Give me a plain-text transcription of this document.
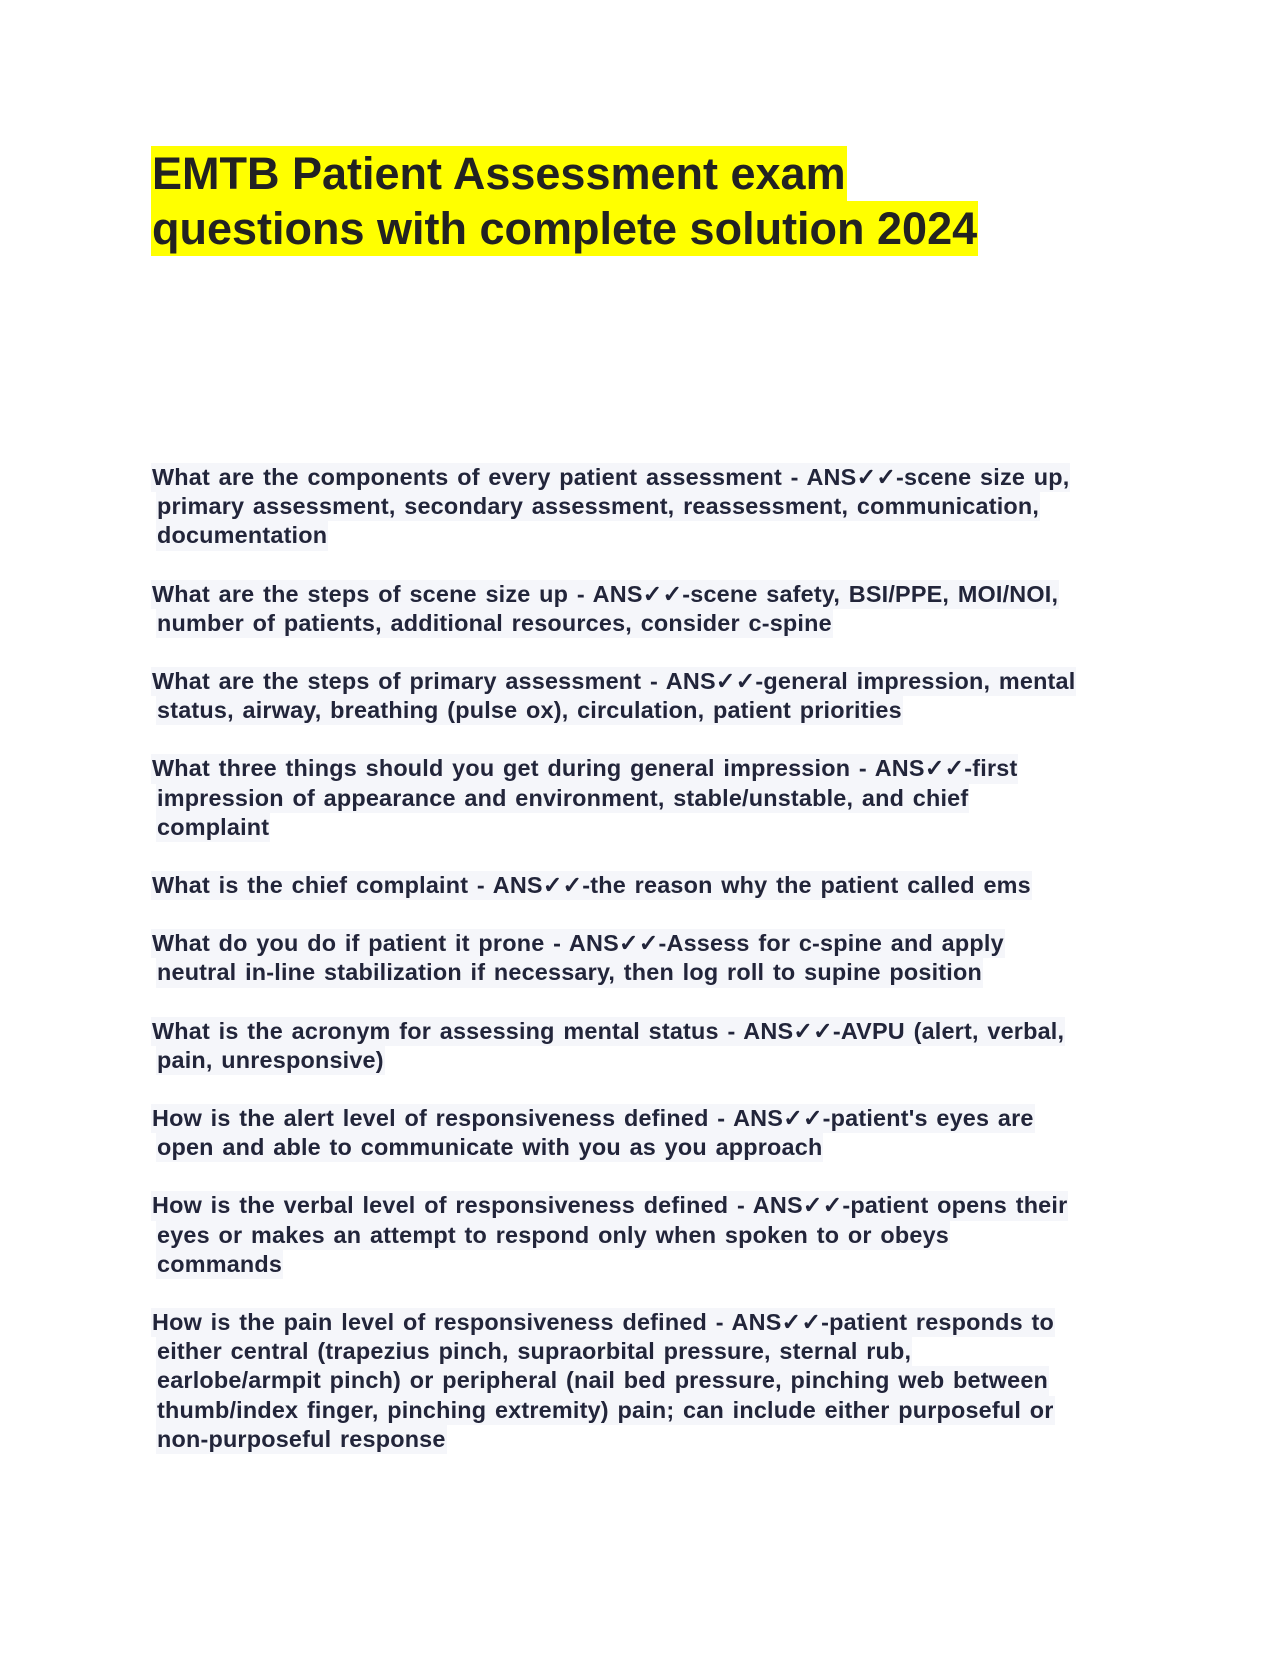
EMTB Patient Assessment exam
questions with complete solution 2024
What are the components of every patient assessment - ANS✓✓-scene size up,
primary assessment, secondary assessment, reassessment, communication,
documentation
What are the steps of scene size up - ANS✓✓-scene safety, BSI/PPE, MOI/NOI,
number of patients, additional resources, consider c-spine
What are the steps of primary assessment - ANS✓✓-general impression, mental
status, airway, breathing (pulse ox), circulation, patient priorities
What three things should you get during general impression - ANS✓✓-first
impression of appearance and environment, stable/unstable, and chief
complaint
What is the chief complaint - ANS✓✓-the reason why the patient called ems
What do you do if patient it prone - ANS✓✓-Assess for c-spine and apply
neutral in-line stabilization if necessary, then log roll to supine position
What is the acronym for assessing mental status - ANS✓✓-AVPU (alert, verbal,
pain, unresponsive)
How is the alert level of responsiveness defined - ANS✓✓-patient's eyes are
open and able to communicate with you as you approach
How is the verbal level of responsiveness defined - ANS✓✓-patient opens their
eyes or makes an attempt to respond only when spoken to or obeys
commands
How is the pain level of responsiveness defined - ANS✓✓-patient responds to
either central (trapezius pinch, supraorbital pressure, sternal rub,
earlobe/armpit pinch) or peripheral (nail bed pressure, pinching web between
thumb/index finger, pinching extremity) pain; can include either purposeful or
non-purposeful response
